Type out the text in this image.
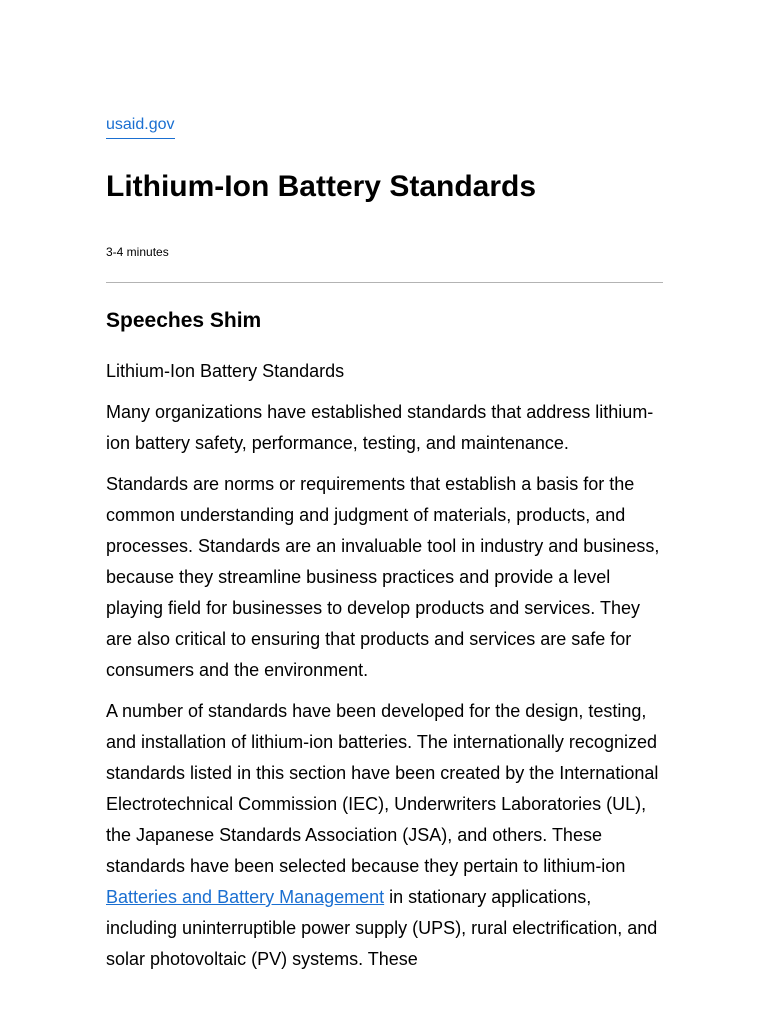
usaid.gov
Lithium-Ion Battery Standards
3-4 minutes
Speeches Shim

Lithium-Ion Battery Standards

Many organizations have established standards that address lithium-ion battery safety, performance, testing, and maintenance.

Standards are norms or requirements that establish a basis for the common understanding and judgment of materials, products, and processes. Standards are an invaluable tool in industry and business, because they streamline business practices and provide a level playing field for businesses to develop products and services. They are also critical to ensuring that products and services are safe for consumers and the environment.

A number of standards have been developed for the design, testing, and installation of lithium-ion batteries. The internationally recognized standards listed in this section have been created by the International Electrotechnical Commission (IEC), Underwriters Laboratories (UL), the Japanese Standards Association (JSA), and others. These standards have been selected because they pertain to lithium-ion Batteries and Battery Management in stationary applications, including uninterruptible power supply (UPS), rural electrification, and solar photovoltaic (PV) systems. These
